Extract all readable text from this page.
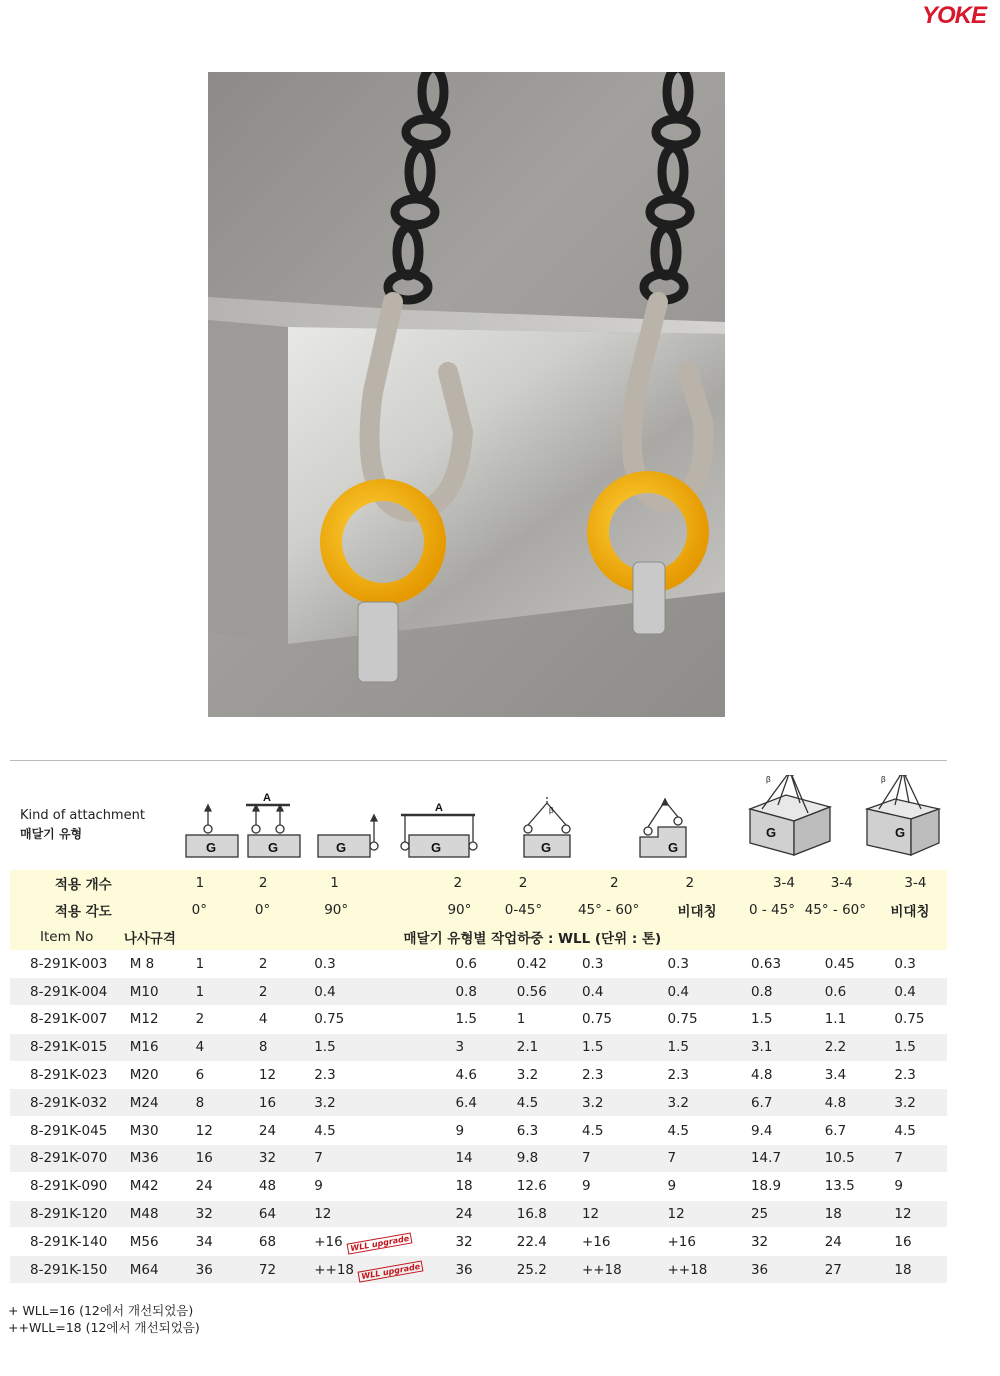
YOKE
Kind of attachment
매달기 유형
G
A
G	G
A
G
β
G	G
β
G
β
G
적용 개수		1	2	1	2	2	2	2	3-4	3-4	3-4
적용 각도		0°	0°	90°	90°	0-45°	45° - 60°	비대칭	0 - 45°	45° - 60°	비대칭
Item No	나사규격	매달기 유형별 작업하중 : WLL (단위 : 톤)									
8-291K-003	M 8	1	2	0.3	0.6	0.42	0.3	0.3	0.63	0.45	0.3
8-291K-004	M10	1	2	0.4	0.8	0.56	0.4	0.4	0.8	0.6	0.4
8-291K-007	M12	2	4	0.75	1.5	1	0.75	0.75	1.5	1.1	0.75
8-291K-015	M16	4	8	1.5	3	2.1	1.5	1.5	3.1	2.2	1.5
8-291K-023	M20	6	12	2.3	4.6	3.2	2.3	2.3	4.8	3.4	2.3
8-291K-032	M24	8	16	3.2	6.4	4.5	3.2	3.2	6.7	4.8	3.2
8-291K-045	M30	12	24	4.5	9	6.3	4.5	4.5	9.4	6.7	4.5
8-291K-070	M36	16	32	7	14	9.8	7	7	14.7	10.5	7
8-291K-090	M42	24	48	9	18	12.6	9	9	18.9	13.5	9
8-291K-120	M48	32	64	12	24	16.8	12	12	25	18	12
8-291K-140	M56	34	68	+16 WLL upgrade	32	22.4	+16	+16	32	24	16
8-291K-150	M64	36	72	++18 WLL upgrade	36	25.2	++18	++18	36	27	18
+ WLL=16 (12에서 개선되었음)
++WLL=18 (12에서 개선되었음)
